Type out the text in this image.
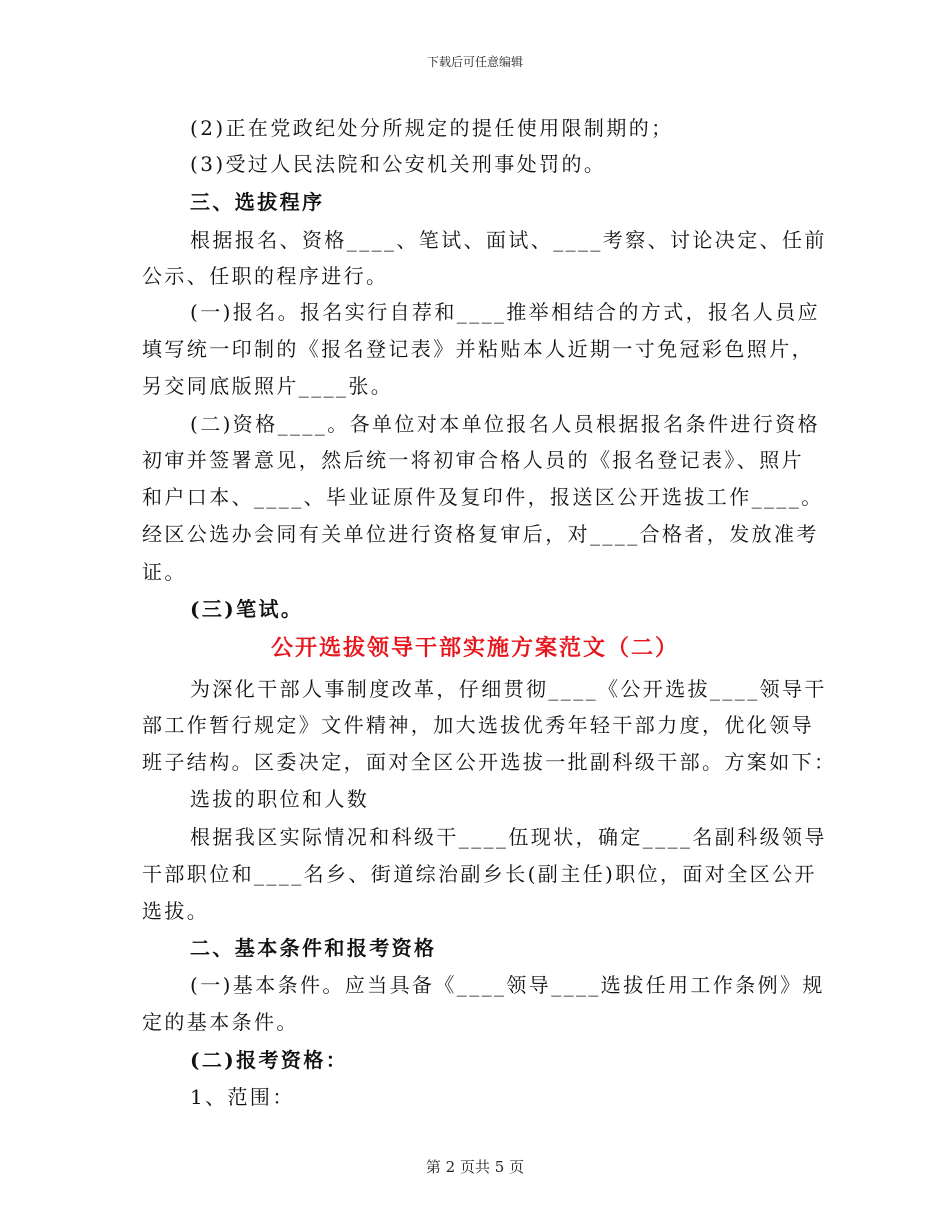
下载后可任意编辑
(2)正在党政纪处分所规定的提任使用限制期的；
(3)受过人民法院和公安机关刑事处罚的。
三、选拔程序
根据报名、资格____、笔试、面试、____考察、讨论决定、任前
公示、任职的程序进行。
(一)报名。报名实行自荐和____推举相结合的方式，报名人员应
填写统一印制的《报名登记表》并粘贴本人近期一寸免冠彩色照片，
另交同底版照片____张。
(二)资格____。各单位对本单位报名人员根据报名条件进行资格
初审并签署意见，然后统一将初审合格人员的《报名登记表》、照片
和户口本、____、毕业证原件及复印件，报送区公开选拔工作____。
经区公选办会同有关单位进行资格复审后，对____合格者，发放准考
证。
(三)笔试。
公开选拔领导干部实施方案范文（二）
为深化干部人事制度改革，仔细贯彻____《公开选拔____领导干
部工作暂行规定》文件精神，加大选拔优秀年轻干部力度，优化领导
班子结构。区委决定，面对全区公开选拔一批副科级干部。方案如下：
选拔的职位和人数
根据我区实际情况和科级干____伍现状，确定____名副科级领导
干部职位和____名乡、街道综治副乡长(副主任)职位，面对全区公开
选拔。
二、基本条件和报考资格
(一)基本条件。应当具备《____领导____选拔任用工作条例》规
定的基本条件。
(二)报考资格：
1、范围：
第 2 页共 5 页
